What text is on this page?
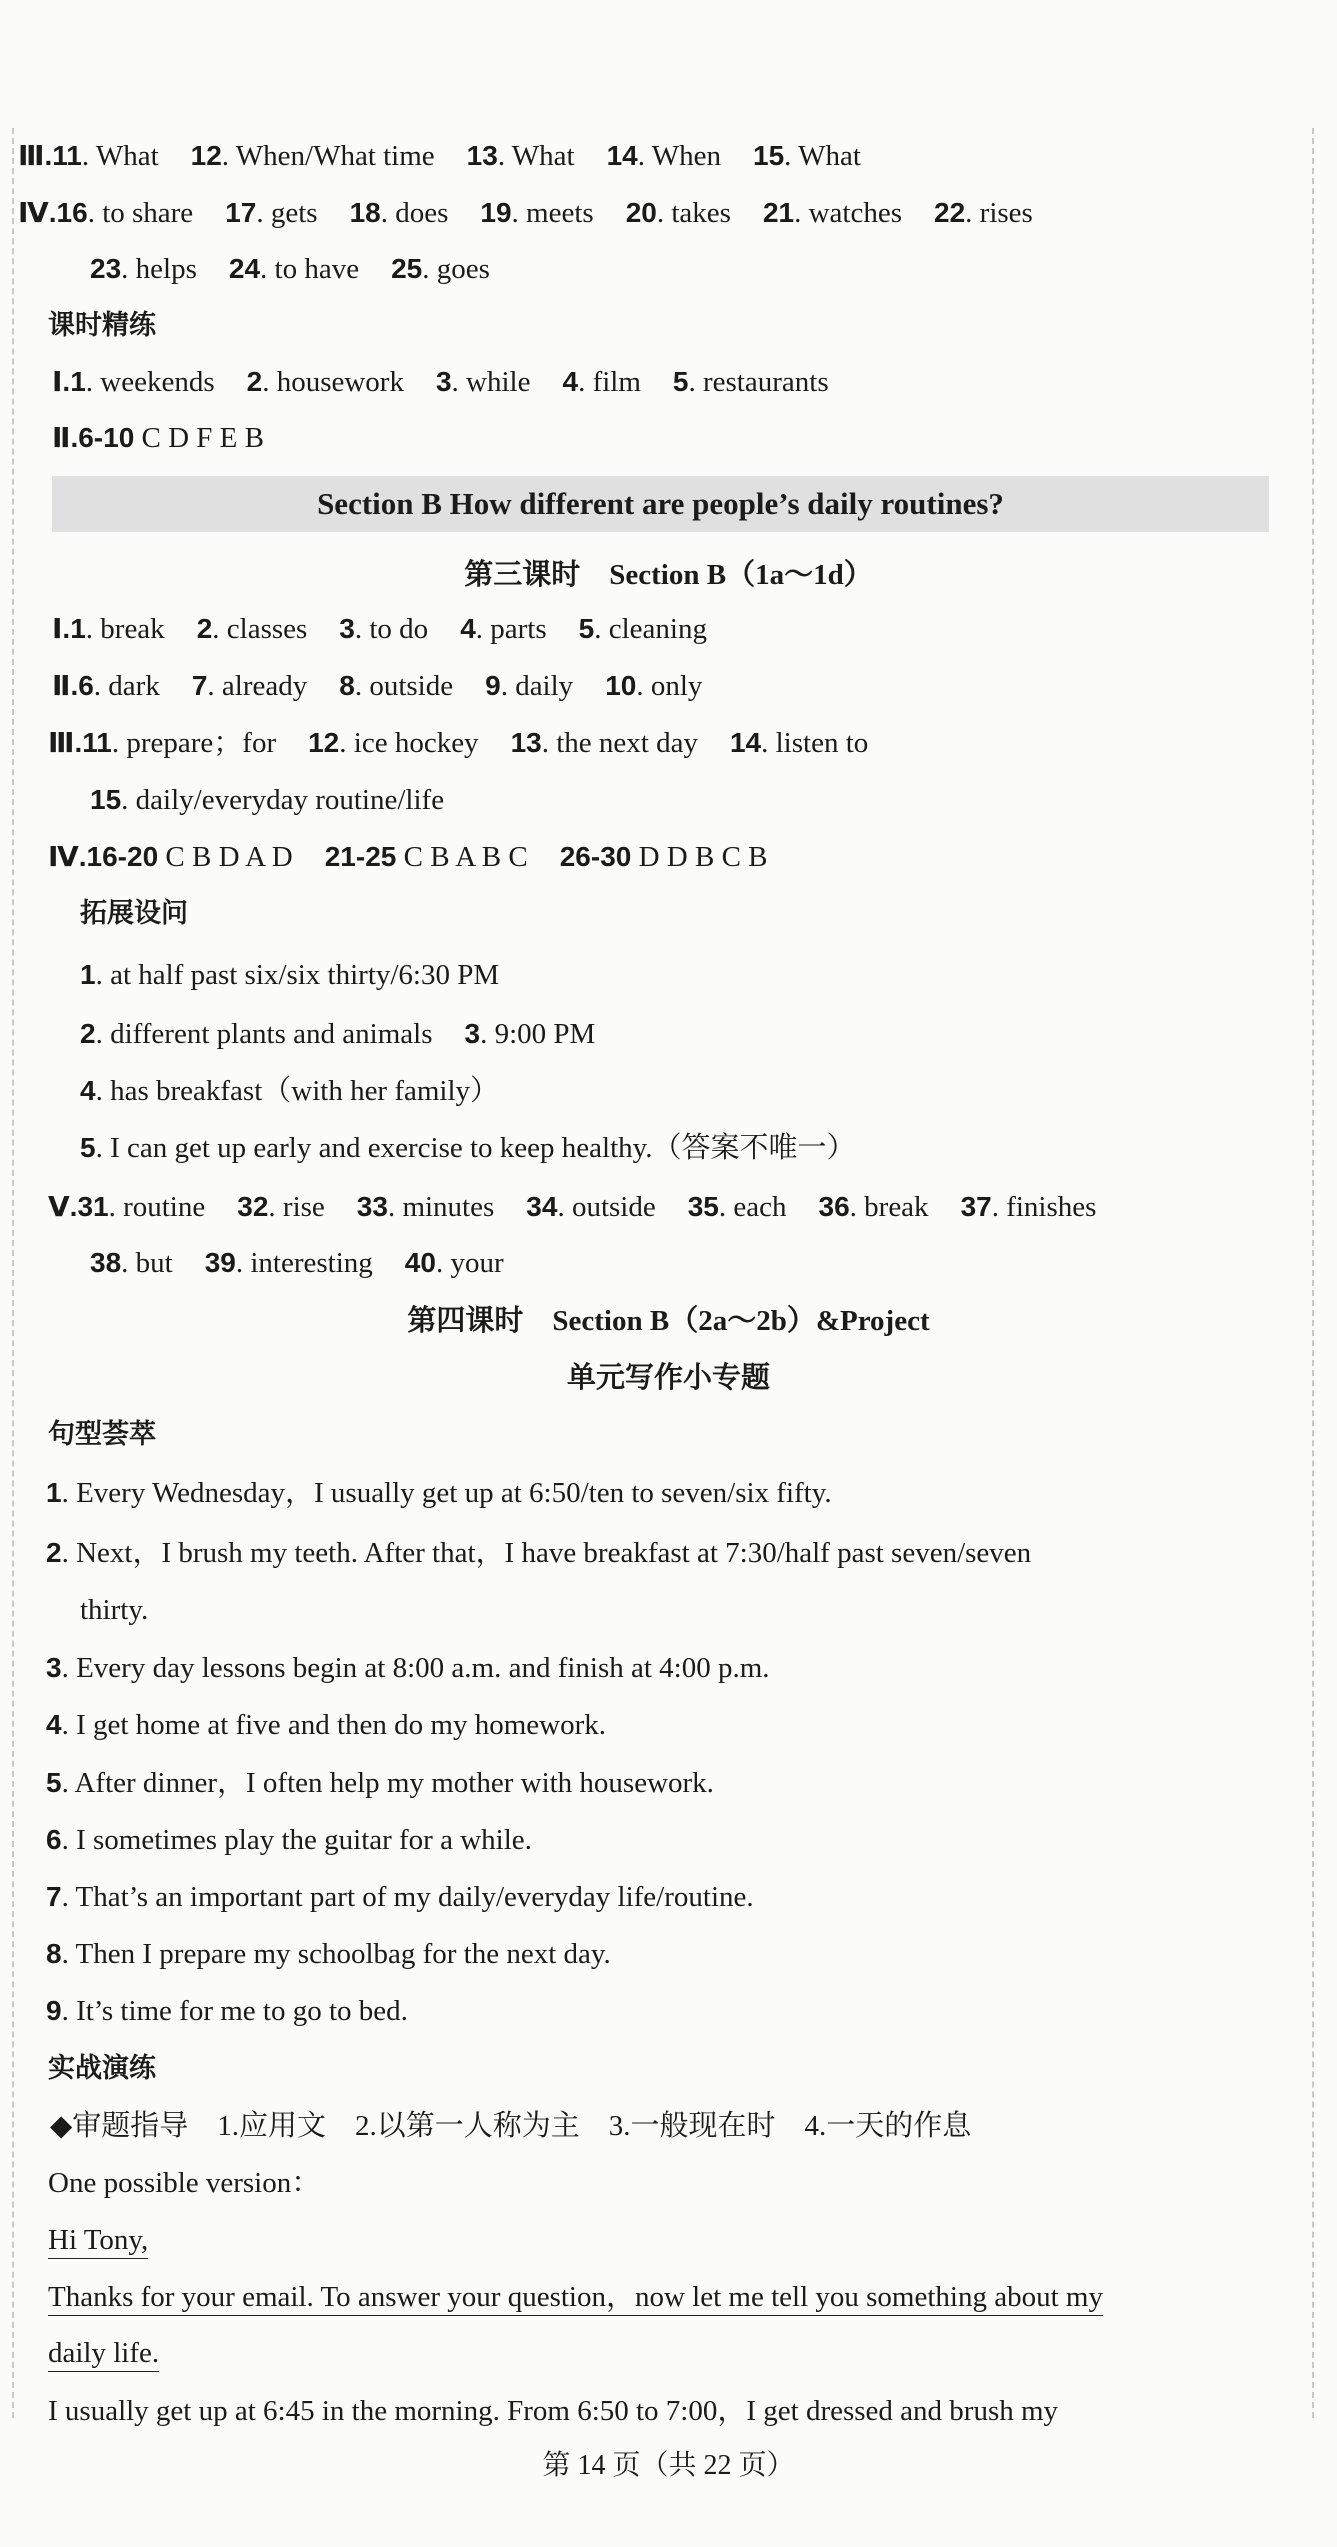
Ⅲ.11. What 12. When/What time 13. What 14. When 15. What
Ⅳ.16. to share 17. gets 18. does 19. meets 20. takes 21. watches 22. rises
23. helps 24. to have 25. goes
课时精练
Ⅰ.1. weekends 2. housework 3. while 4. film 5. restaurants
Ⅱ.6-10 C D F E B
第三课时　Section B（1a～1d）
Ⅰ.1. break 2. classes 3. to do 4. parts 5. cleaning
Ⅱ.6. dark 7. already 8. outside 9. daily 10. only
Ⅲ.11. prepare；for 12. ice hockey 13. the next day 14. listen to
15. daily/everyday routine/life
Ⅳ.16-20 C B D A D 21-25 C B A B C 26-30 D D B C B
拓展设问
1. at half past six/six thirty/6:30 PM
2. different plants and animals 3. 9:00 PM
4. has breakfast（with her family）
5. I can get up early and exercise to keep healthy.（答案不唯一）
Ⅴ.31. routine 32. rise 33. minutes 34. outside 35. each 36. break 37. finishes
38. but 39. interesting 40. your
第四课时　Section B（2a～2b）&Project
单元写作小专题
句型荟萃
1. Every Wednesday，I usually get up at 6:50/ten to seven/six fifty.
2. Next，I brush my teeth. After that，I have breakfast at 7:30/half past seven/seven
thirty.
3. Every day lessons begin at 8:00 a.m. and finish at 4:00 p.m.
4. I get home at five and then do my homework.
5. After dinner，I often help my mother with housework.
6. I sometimes play the guitar for a while.
7. That’s an important part of my daily/everyday life/routine.
8. Then I prepare my schoolbag for the next day.
9. It’s time for me to go to bed.
实战演练
◆审题指导　1.应用文　2.以第一人称为主　3.一般现在时　4.一天的作息
One possible version：
Hi Tony,
Thanks for your email. To answer your question，now let me tell you something about my
daily life.
I usually get up at 6:45 in the morning. From 6:50 to 7:00，I get dressed and brush my
Section B How different are people’s daily routines?
第 14 页（共 22 页）
